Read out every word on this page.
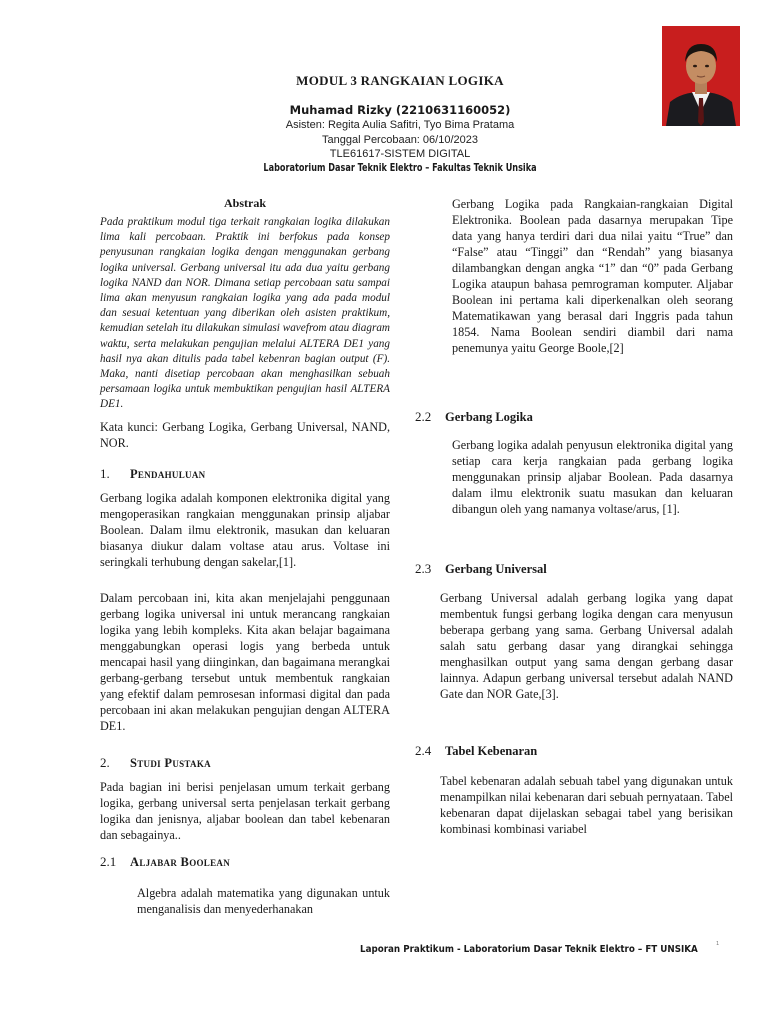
MODUL 3 RANGKAIAN LOGIKA
Muhamad Rizky (2210631160052)
Asisten: Regita Aulia Safitri, Tyo Bima Pratama
Tanggal Percobaan: 06/10/2023
TLE61617-SISTEM DIGITAL
Laboratorium Dasar Teknik Elektro – Fakultas Teknik Unsika
Abstrak
Pada praktikum modul tiga terkait rangkaian logika dilakukan lima kali percobaan. Praktik ini berfokus pada konsep penyusunan rangkaian logika dengan menggunakan gerbang logika universal. Gerbang universal itu ada dua yaitu gerbang logika NAND dan NOR. Dimana setiap percobaan satu sampai lima akan menyusun rangkaian logika yang ada pada modul dan sesuai ketentuan yang diberikan oleh asisten praktikum, kemudian setelah itu dilakukan simulasi wavefrom atau diagram waktu, serta melakukan pengujian melalui ALTERA DE1 yang hasil nya akan ditulis pada tabel kebenran bagian output (F). Maka, nanti disetiap percobaan akan menghasilkan sebuah persamaan logika untuk membuktikan pengujian hasil ALTERA DE1.
Kata kunci: Gerbang Logika, Gerbang Universal, NAND, NOR.
1. Pendahuluan
Gerbang logika adalah komponen elektronika digital yang mengoperasikan rangkaian menggunakan prinsip aljabar Boolean. Dalam ilmu elektronik, masukan dan keluaran biasanya diukur dalam voltase atau arus. Voltase ini seringkali terhubung dengan sakelar,[1].
Dalam percobaan ini, kita akan menjelajahi penggunaan gerbang logika universal ini untuk merancang rangkaian logika yang lebih kompleks. Kita akan belajar bagaimana menggabungkan operasi logis yang berbeda untuk mencapai hasil yang diinginkan, dan bagaimana merangkai gerbang-gerbang tersebut untuk membentuk rangkaian yang efektif dalam pemrosesan informasi digital dan pada percobaan ini akan melakukan pengujian dengan ALTERA DE1.
2. Studi Pustaka
Pada bagian ini berisi penjelasan umum terkait gerbang logika, gerbang universal serta penjelasan terkait gerbang logika dan jenisnya, aljabar boolean dan tabel kebenaran dan sebagainya..
2.1 Aljabar Boolean
Algebra adalah matematika yang digunakan untuk menganalisis dan menyederhanakan
Gerbang Logika pada Rangkaian-rangkaian Digital Elektronika. Boolean pada dasarnya merupakan Tipe data yang hanya terdiri dari dua nilai yaitu “True” dan “False” atau “Tinggi” dan “Rendah” yang biasanya dilambangkan dengan angka “1” dan “0” pada Gerbang Logika ataupun bahasa pemrograman komputer. Aljabar Boolean ini pertama kali diperkenalkan oleh seorang Matematikawan yang berasal dari Inggris pada tahun 1854. Nama Boolean sendiri diambil dari nama penemunya yaitu George Boole,[2]
2.2 Gerbang Logika
Gerbang logika adalah penyusun elektronika digital yang setiap cara kerja rangkaian pada gerbang logika menggunakan prinsip aljabar Boolean. Pada dasarnya dalam ilmu elektronik suatu masukan dan keluaran dibangun oleh yang namanya voltase/arus, [1].
2.3 Gerbang Universal
Gerbang Universal adalah gerbang logika yang dapat membentuk fungsi gerbang logika dengan cara menyusun beberapa gerbang yang sama. Gerbang Universal adalah salah satu gerbang dasar yang dirangkai sehingga menghasilkan output yang sama dengan gerbang dasar lainnya. Adapun gerbang universal tersebut adalah NAND Gate dan NOR Gate,[3].
2.4 Tabel Kebenaran
Tabel kebenaran adalah sebuah tabel yang digunakan untuk menampilkan nilai kebenaran dari sebuah pernyataan. Tabel kebenaran dapat dijelaskan sebagai tabel yang berisikan kombinasi kombinasi variabel
Laporan Praktikum - Laboratorium Dasar Teknik Elektro – FT UNSIKA	1
